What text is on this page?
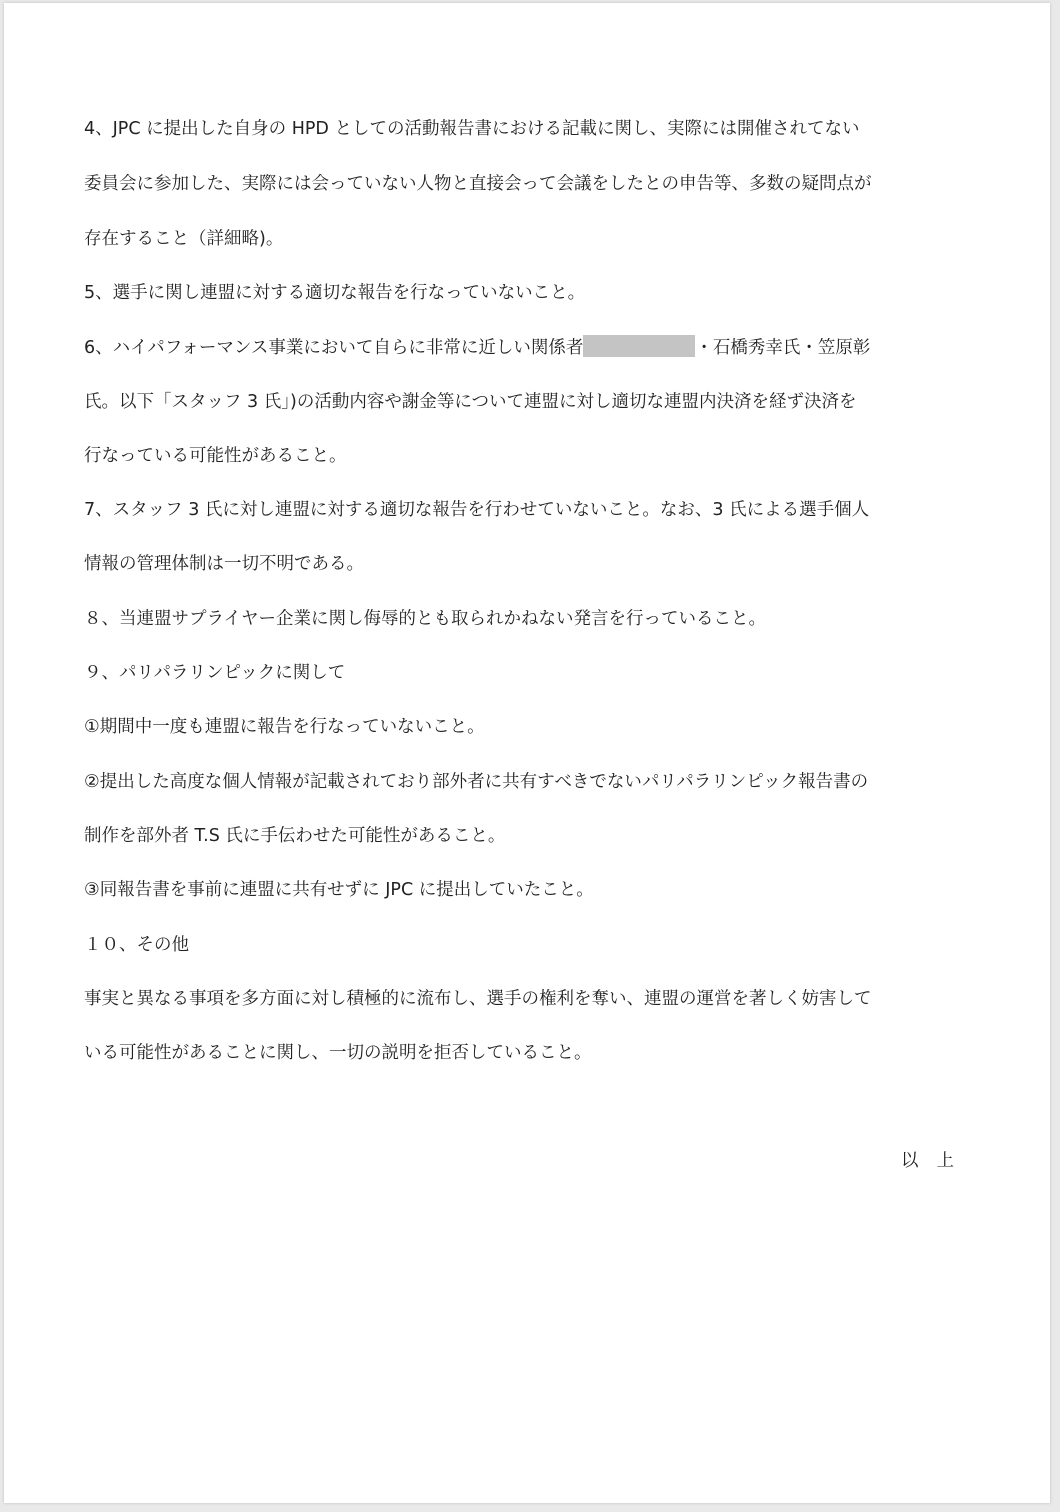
4、JPC に提出した自身の HPD としての活動報告書における記載に関し、実際には開催されてない

委員会に参加した、実際には会っていない人物と直接会って会議をしたとの申告等、多数の疑問点が

存在すること（詳細略)。

5、選手に関し連盟に対する適切な報告を行なっていないこと。

6、ハイパフォーマンス事業において自らに非常に近しい関係者	・石橋秀幸氏・笠原彰

氏。以下「スタッフ 3 氏」)の活動内容や謝金等について連盟に対し適切な連盟内決済を経ず決済を

行なっている可能性があること。

7、スタッフ 3 氏に対し連盟に対する適切な報告を行わせていないこと。なお、3 氏による選手個人

情報の管理体制は一切不明である。

８、当連盟サプライヤー企業に関し侮辱的とも取られかねない発言を行っていること。

９、パリパラリンピックに関して

①期間中一度も連盟に報告を行なっていないこと。

②提出した高度な個人情報が記載されており部外者に共有すべきでないパリパラリンピック報告書の

制作を部外者 T.S 氏に手伝わせた可能性があること。

③同報告書を事前に連盟に共有せずに JPC に提出していたこと。

１０、その他

事実と異なる事項を多方面に対し積極的に流布し、選手の権利を奪い、連盟の運営を著しく妨害して

いる可能性があることに関し、一切の説明を拒否していること。

以上
